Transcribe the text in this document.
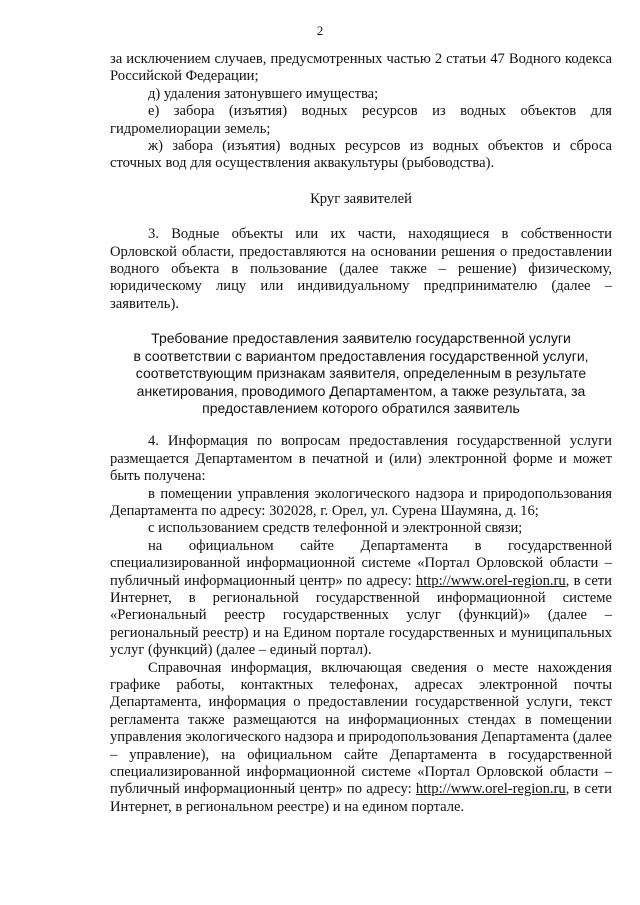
2

за исключением случаев, предусмотренных частью 2 статьи 47 Водного кодекса Российской Федерации;

д) удаления затонувшего имущества;

е) забора (изъятия) водных ресурсов из водных объектов для гидромелиорации земель;

ж) забора (изъятия) водных ресурсов из водных объектов и сброса сточных вод для осуществления аквакультуры (рыбоводства).

Круг заявителей

3. Водные объекты или их части, находящиеся в собственности Орловской области, предоставляются на основании решения о предоставлении водного объекта в пользование (далее также – решение) физическому, юридическому лицу или индивидуальному предпринимателю (далее – заявитель).

Требование предоставления заявителю государственной услуги
в соответствии с вариантом предоставления государственной услуги,
соответствующим признакам заявителя, определенным в результате
анкетирования, проводимого Департаментом, а также результата, за
предоставлением которого обратился заявитель

4. Информация по вопросам предоставления государственной услуги размещается Департаментом в печатной и (или) электронной форме и может быть получена:

в помещении управления экологического надзора и природопользования Департамента по адресу: 302028, г. Орел, ул. Сурена Шаумяна, д. 16;

с использованием средств телефонной и электронной связи;

на официальном сайте Департамента в государственной специализированной информационной системе «Портал Орловской области – публичный информационный центр» по адресу: http://www.orel-region.ru, в сети Интернет, в региональной государственной информационной системе «Региональный реестр государственных услуг (функций)» (далее – региональный реестр) и на Едином портале государственных и муниципальных услуг (функций) (далее – единый портал).

Справочная информация, включающая сведения о месте нахождения графике работы, контактных телефонах, адресах электронной почты Департамента, информация о предоставлении государственной услуги, текст регламента также размещаются на информационных стендах в помещении управления экологического надзора и природопользования Департамента (далее – управление), на официальном сайте Департамента в государственной специализированной информационной системе «Портал Орловской области – публичный информационный центр» по адресу: http://www.orel-region.ru, в сети Интернет, в региональном реестре) и на едином портале.
